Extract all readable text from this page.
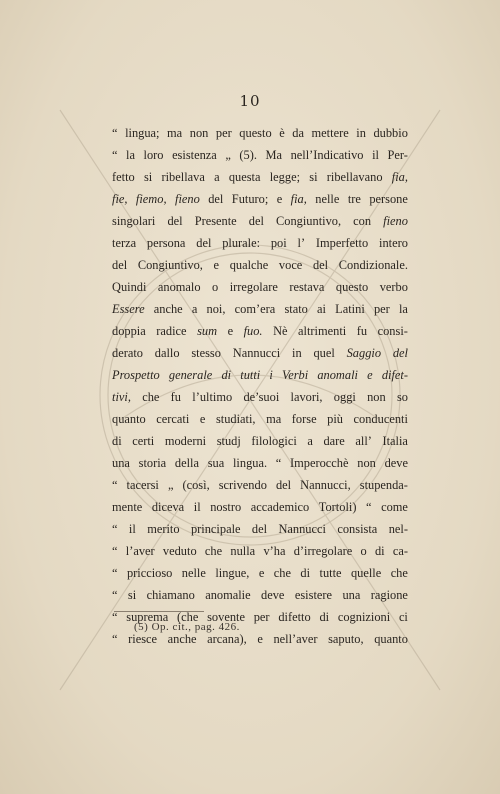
10
“ lingua; ma non per questo è da mettere in dubbio
“ la loro esistenza „ (5). Ma nell’Indicativo il Per-
fetto si ribellava a questa legge; si ribellavano fia,
fie, fiemo, fieno del Futuro; e fia, nelle tre persone
singolari del Presente del Congiuntivo, con fieno
terza persona del plurale: poi l’ Imperfetto intero
del Congiuntivo, e qualche voce del Condizionale.
Quindi anomalo o irregolare restava questo verbo
Essere anche a noi, com’era stato ai Latini per la
doppia radice sum e fuo. Nè altrimenti fu consi-
derato dallo stesso Nannucci in quel Saggio del
Prospetto generale di tutti i Verbi anomali e difet-
tivi, che fu l’ultimo de’suoi lavori, oggi non so
quanto cercati e studiati, ma forse più conducenti
di certi moderni studj filologici a dare all’ Italia
una storia della sua lingua. “ Imperocchè non deve
“ tacersi „ (così, scrivendo del Nannucci, stupenda-
mente diceva il nostro accademico Tortoli) “ come
“ il merito principale del Nannucci consista nel-
“ l’aver veduto che nulla v’ha d’irregolare o di ca-
“ priccioso nelle lingue, e che di tutte quelle che
“ si chiamano anomalie deve esistere una ragione
“ suprema (che sovente per difetto di cognizioni ci
“ riesce anche arcana), e nell’aver saputo, quanto
(5) Op. cit., pag. 426.
